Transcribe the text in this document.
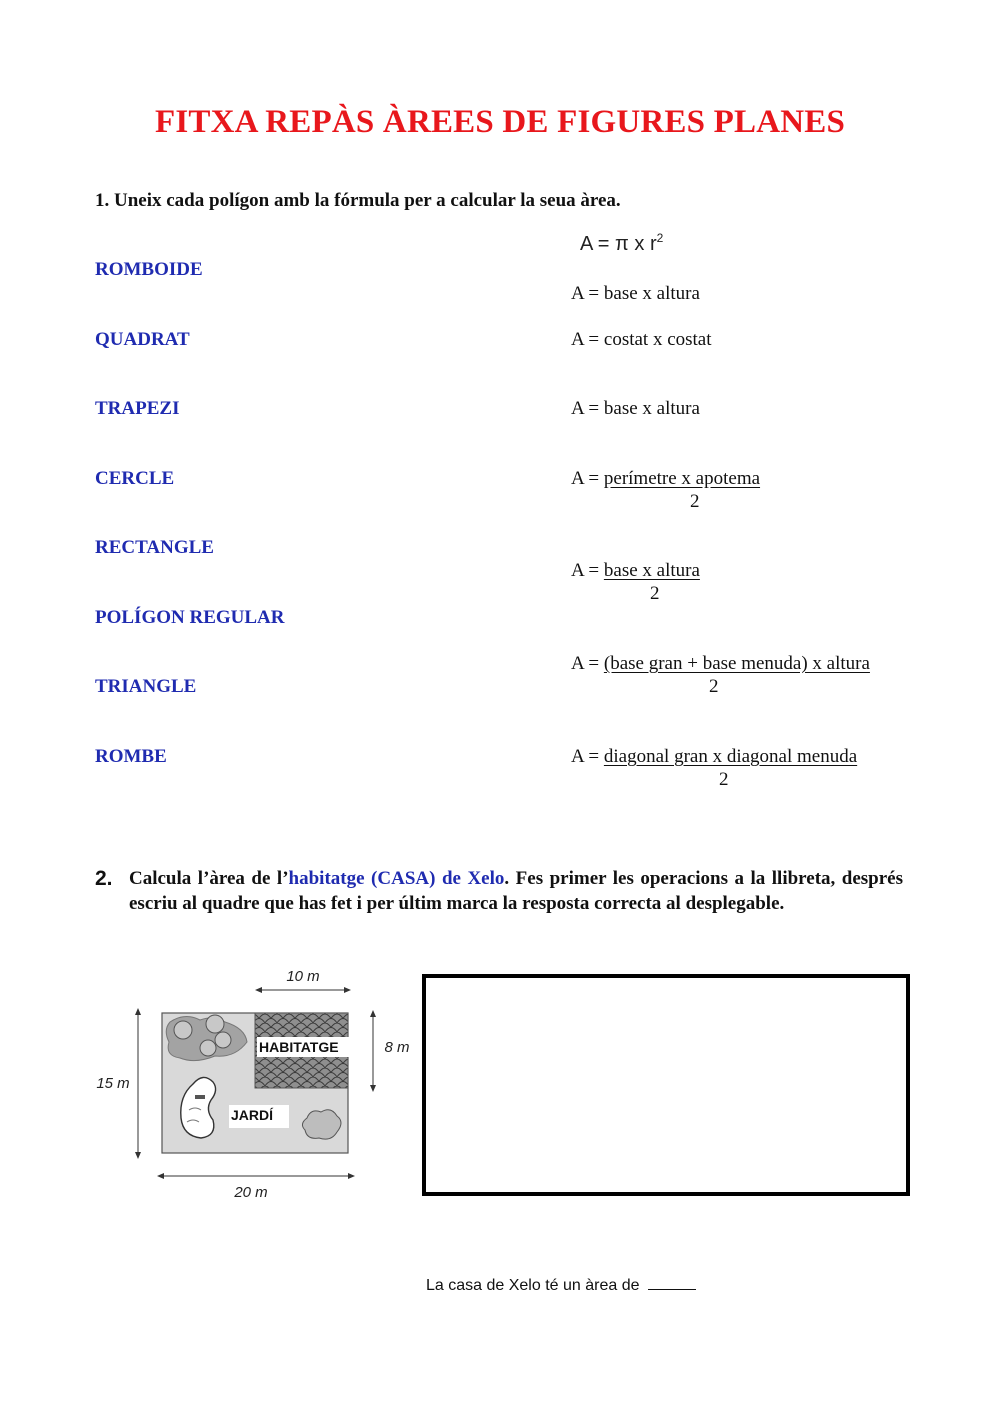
FITXA REPÀS ÀREES DE FIGURES PLANES
1. Uneix cada polígon amb la fórmula per a calcular la seua àrea.
ROMBOIDE
QUADRAT
TRAPEZI
CERCLE
RECTANGLE
POLÍGON REGULAR
TRIANGLE
ROMBE
A = π x $r^2$
A = base x altura
A = costat x costat
A = base x altura
A = perímetre x apotema
2
A = base x altura
2
A = (base gran + base menuda) x altura
2
A = diagonal gran x diagonal menuda
2
2. Calcula l’àrea de l’habitatge (CASA) de Xelo. Fes primer les operacions a la llibreta, després escriu al quadre que has fet i per últim marca la resposta correcta al desplegable.
10 m
15 m
8 m
20 m
HABITATGE
JARDÍ
La casa de Xelo té un àrea de
